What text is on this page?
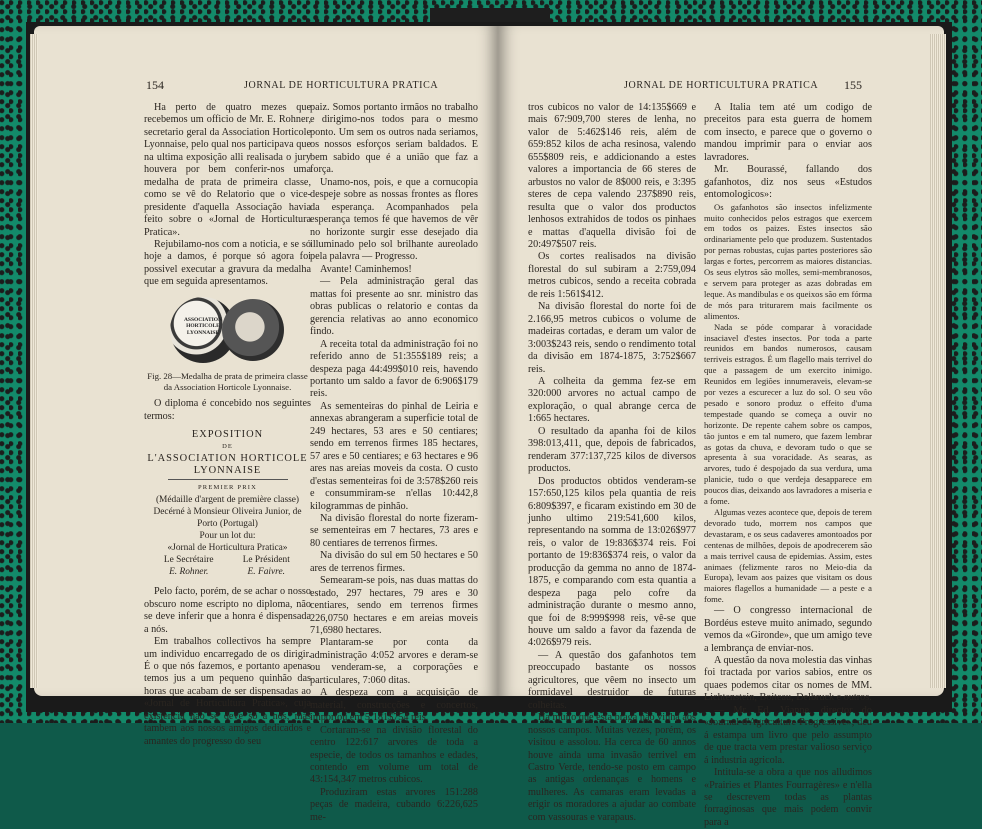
154	JORNAL DE HORTICULTURA PRATICA

Ha perto de quatro mezes que recebemos um officio de Mr. E. Rohner, secretario geral da Association Horticole Lyonnaise, pelo qual nos participava que na ultima exposição alli realisada o jury houvera por bem conferir-nos uma medalha de prata de primeira classe, como se vê do Relatorio que o vice-presidente d'aquella Associação havia feito sobre o «Jornal de Horticultura Pratica».

Rejubilamo-nos com a noticia, e se só hoje a damos, é porque só agora foi possivel executar a gravura da medalha que em seguida apresentamos.

ASSOCIATION HORTICOLE LYONNAISE
Fig. 28—Medalha de prata de primeira classe da Association Horticole Lyonnaise.

O diploma é concebido nos seguintes termos:

EXPOSITION
DE
L'ASSOCIATION HORTICOLE LYONNAISE
PREMIER PRIX
(Médaille d'argent de première classe)
Decérné à Monsieur Oliveira Junior, de Porto (Portugal)
Pour un lot du:
«Jornal de Horticultura Pratica»
Le Secrétaire	Le Président
E. Rohner.	E. Faivre.

Pelo facto, porém, de se achar o nosso obscuro nome escripto no diploma, não se deve inferir que a honra é dispensada a nós.

Em trabalhos collectivos ha sempre um individuo encarregado de os dirigir. É o que nós fazemos, e portanto apenas temos jus a um pequeno quinhão das horas que acabam de ser dispensadas ao «Jornal de Horticultura Pratica», cuja existencia não se deve só a nós, mas tambem aos nossos amigos dedicados e amantes do progresso do seu

paiz. Somos portanto irmãos no trabalho e dirigimo-nos todos para o mesmo ponto. Um sem os outros nada seriamos, os nossos esforços seriam baldados. E bem sabido que é a união que faz a força.

Unamo-nos, pois, e que a cornucopia despeje sobre as nossas frontes as flores da esperança. Acompanhados pela esperança temos fé que havemos de vêr no horizonte surgir esse desejado dia illuminado pelo sol brilhante aureolado pela palavra — Progresso.

Avante! Caminhemos!

— Pela administração geral das mattas foi presente ao snr. ministro das obras publicas o relatorio e contas da gerencia relativas ao anno economico findo.

A receita total da administração foi no referido anno de 51:355$189 reis; a despeza paga 44:499$010 reis, havendo portanto um saldo a favor de 6:906$179 reis.

As sementeiras do pinhal de Leiria e annexas abrangeram a superficie total de 249 hectares, 53 ares e 50 centiares; sendo em terrenos firmes 185 hectares, 57 ares e 50 centiares; e 63 hectares e 96 ares nas areias moveis da costa. O custo d'estas sementeiras foi de 3:578$260 reis e consummiram-se n'ellas 10:442,8 kilogrammas de pinhão.

Na divisão florestal do norte fizeram-se sementeiras em 7 hectares, 73 ares e 80 centiares de terrenos firmes.

Na divisão do sul em 50 hectares e 50 ares de terrenos firmes.

Semearam-se pois, nas duas mattas do estado, 297 hectares, 79 ares e 30 centiares, sendo em terrenos firmes 226,0750 hectares e em areias moveis 71,6980 hectares.

Plantaram-se por conta da administração 4:052 arvores e deram-se ou venderam-se, a corporações e particulares, 7:060 ditas.

A despeza com a acquisição de material, construcções e concertos, importou em 5:181$754 reis.

Cortaram-se na divisão florestal do centro 122:617 arvores de toda a especie, de todos os tamanhos e edades, contendo em volume um total de 43:154,347 metros cubicos.

Produziram estas arvores 151:288 peças de madeira, cubando 6:226,625 me-

JORNAL DE HORTICULTURA PRATICA 155

tros cubicos no valor de 14:135$669 e mais 67:909,700 steres de lenha, no valor de 5:462$146 reis, além de 659:852 kilos de acha resinosa, valendo 655$809 reis, e addicionando a estes valores a importancia de 66 steres de arbustos no valor de 8$000 reis, e 3:395 steres de cepa valendo 237$890 reis, resulta que o valor dos productos lenhosos extrahidos de todos os pinhaes e mattas d'aquella divisão foi de 20:497$507 reis.

Os cortes realisados na divisão florestal do sul subiram a 2:759,094 metros cubicos, sendo a receita cobrada de reis 1:561$412.

Na divisão florestal do norte foi de 2.166,95 metros cubicos o volume de madeiras cortadas, e deram um valor de 3:003$243 reis, sendo o rendimento total da divisão em 1874-1875, 3:752$667 reis.

A colheita da gemma fez-se em 320:000 arvores no actual campo de exploração, o qual abrange cerca de 1:665 hectares.

O resultado da apanha foi de kilos 398:013,411, que, depois de fabricados, renderam 377:137,725 kilos de diversos productos.

Dos productos obtidos venderam-se 157:650,125 kilos pela quantia de reis 6:809$397, e ficaram existindo em 30 de junho ultimo 219:541,600 kilos, representando na somma de 13:026$977 reis, o valor de 19:836$374 reis. Foi portanto de 19:836$374 reis, o valor da producção da gemma no anno de 1874-1875, e comparando com esta quantia a despeza paga pelo cofre da administração durante o mesmo anno, que foi de 8:999$998 reis, vê-se que houve um saldo a favor da fazenda de 4:026$979 reis.

— A questão dos gafanhotos tem preoccupado bastante os nossos agricultores, que vêem no insecto um formidavel destruidor de futuras colheitas.

Ha muito que esta praga não vinha aos nossos campos. Muitas vezes, porém, os visitou e assolou. Ha cerca de 60 annos houve ainda uma invasão terrivel em Castro Verde, tendo-se posto em campo as antigas ordenanças e homens e mulheres. As camaras eram levadas a erigir os moradores a ajudar ao combate com vassouras e varapaus.

A Italia tem até um codigo de preceitos para esta guerra de homem com insecto, e parece que o governo o mandou imprimir para o enviar aos lavradores.

Mr. Bourassé, fallando dos gafanhotos, diz nos seus «Estudos entomologicos»:

Os gafanhotos são insectos infelizmente muito conhecidos pelos estragos que exercem em todos os paizes. Estes insectos são ordinariamente pelo que produzem. Sustentados por pernas robustas, cujas partes posteriores são largas e fortes, percorrem as maiores distancias. Os seus elytros são molles, semi-membranosos, e servem para proteger as azas dobradas em leque. As mandibulas e os queixos são em fórma de mós para triturarem mais facilmente os alimentos.

Nada se póde comparar à voracidade insaciavel d'estes insectos. Por toda a parte reunidos em bandos numerosos, causam terriveis estragos. É um flagello mais terrivel do que a passagem de um exercito inimigo. Reunidos em legiões innumeraveis, elevam-se por vezes a escurecer a luz do sol. O seu vôo pesado e sonoro produz o effeito d'uma tempestade quando se começa a ouvir no horizonte. De repente cahem sobre os campos, tão juntos e em tal numero, que fazem lembrar as gotas da chuva, e devoram tudo o que se apresenta à sua voracidade. As searas, as arvores, tudo é despojado da sua verdura, uma planicie, tudo o que verdeja desapparece em poucos dias, deixando aos lavradores a miseria e a fome.

Algumas vezes acontece que, depois de terem devorado tudo, morrem nos campos que devastaram, e os seus cadaveres amontoados por centenas de milhões, depois de apodrecerem são a mais terrivel causa de epidemias. Assim, estes animaes (felizmente raros no Meio-dia da Europa), levam aos paizes que visitam os dous maiores flagellos a humanidade — a peste e a fome.

— O congresso internacional de Bordéus esteve muito animado, segundo vemos da «Gironde», que um amigo teve a lembrança de enviar-nos.

A questão da nova molestia das vinhas foi tractada por varios sabios, entre os quaes podemos citar os nomes de MM. Lichtenstein, Boiteau, Delbruck e outros.

— Mr. Ed. Vianne, director do «Journal d'Agriculture Progressive», deu á estampa um livro que pelo assumpto de que tracta vem prestar valioso serviço á industria agricola.

Intitula-se a obra a que nos alludimos «Prairies et Plantes Fourragères» e n'ella se descrevem todas as plantas forraginosas que mais podem convir para a
